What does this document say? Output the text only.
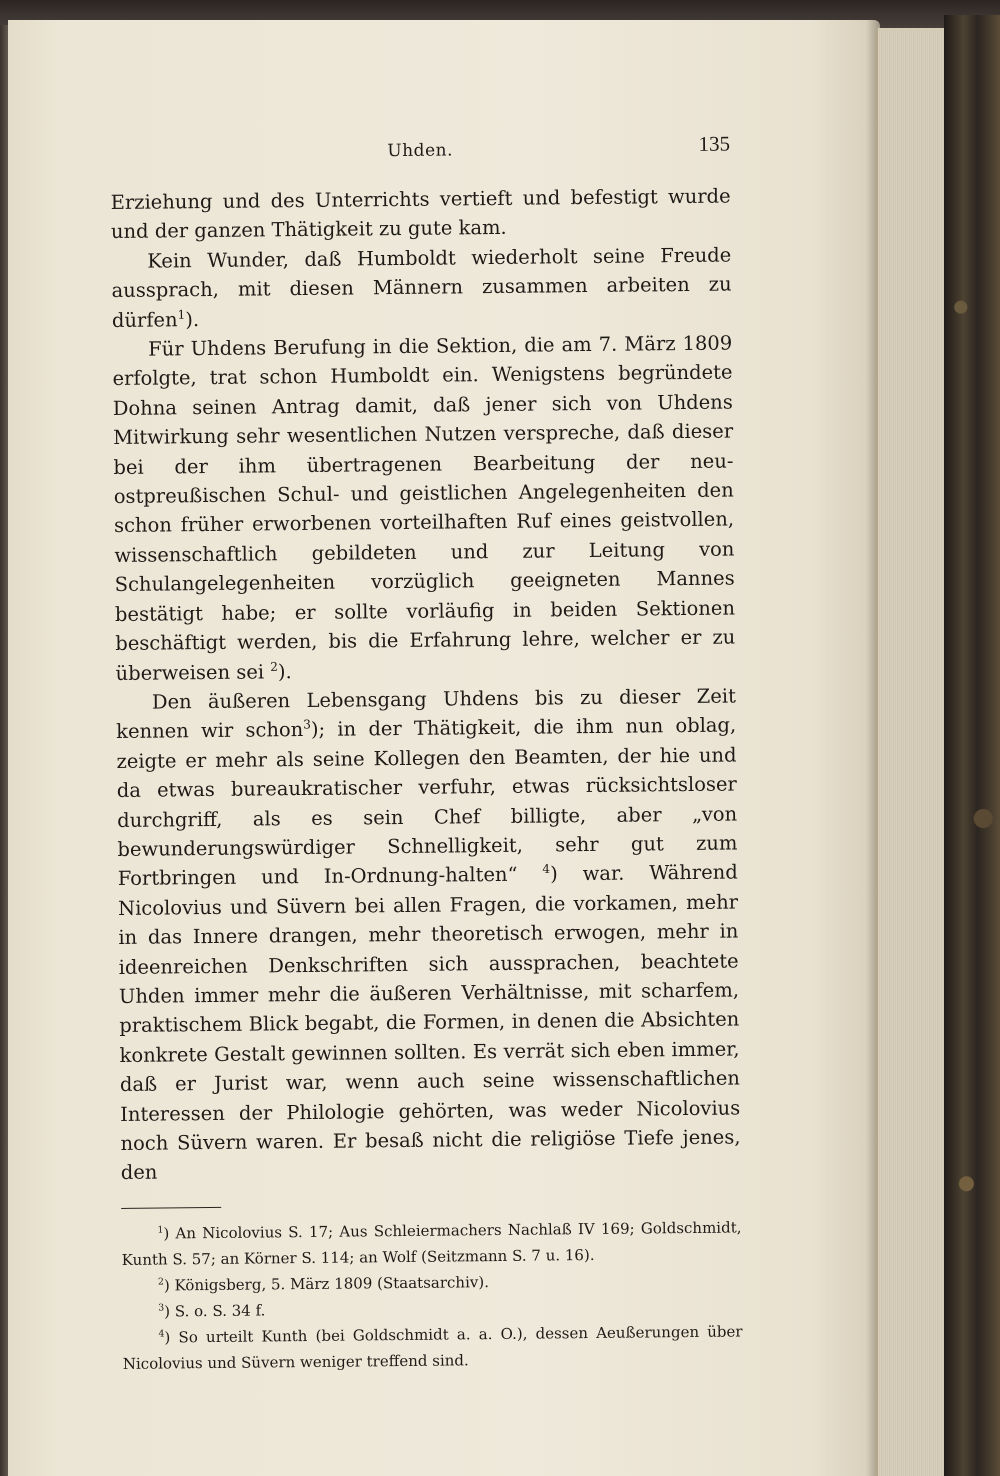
Uhden.	135

Erziehung und des Unterrichts vertieft und befestigt wurde und der ganzen Thätigkeit zu gute kam.

Kein Wunder, daß Humboldt wiederholt seine Freude aussprach, mit diesen Männern zusammen arbeiten zu dürfen$^1$).

Für Uhdens Berufung in die Sektion, die am 7. März 1809 erfolgte, trat schon Humboldt ein. Wenigstens begründete Dohna seinen Antrag damit, daß jener sich von Uhdens Mitwirkung sehr wesentlichen Nutzen verspreche, daß dieser bei der ihm übertragenen Bearbeitung der neu-ostpreußischen Schul- und geistlichen Angelegenheiten den schon früher erworbenen vorteilhaften Ruf eines geistvollen, wissenschaftlich gebildeten und zur Leitung von Schulangelegenheiten vorzüglich geeigneten Mannes bestätigt habe; er sollte vorläufig in beiden Sektionen beschäftigt werden, bis die Erfahrung lehre, welcher er zu überweisen sei $^2$).

Den äußeren Lebensgang Uhdens bis zu dieser Zeit kennen wir schon$^3$); in der Thätigkeit, die ihm nun oblag, zeigte er mehr als seine Kollegen den Beamten, der hie und da etwas bureaukratischer verfuhr, etwas rücksichtsloser durchgriff, als es sein Chef billigte, aber „von bewunderungswürdiger Schnelligkeit, sehr gut zum Fortbringen und In-Ordnung-halten“ $^4$) war. Während Nicolovius und Süvern bei allen Fragen, die vorkamen, mehr in das Innere drangen, mehr theoretisch erwogen, mehr in ideenreichen Denkschriften sich aussprachen, beachtete Uhden immer mehr die äußeren Verhältnisse, mit scharfem, praktischem Blick begabt, die Formen, in denen die Absichten konkrete Gestalt gewinnen sollten. Es verrät sich eben immer, daß er Jurist war, wenn auch seine wissenschaftlichen Interessen der Philologie gehörten, was weder Nicolovius noch Süvern waren. Er besaß nicht die religiöse Tiefe jenes, den

$^1$) An Nicolovius S. 17; Aus Schleiermachers Nachlaß IV 169; Goldschmidt, Kunth S. 57; an Körner S. 114; an Wolf (Seitzmann S. 7 u. 16).

$^2$) Königsberg, 5. März 1809 (Staatsarchiv).

$^3$) S. o. S. 34 f.

$^4$) So urteilt Kunth (bei Goldschmidt a. a. O.), dessen Aeußerungen über Nicolovius und Süvern weniger treffend sind.
